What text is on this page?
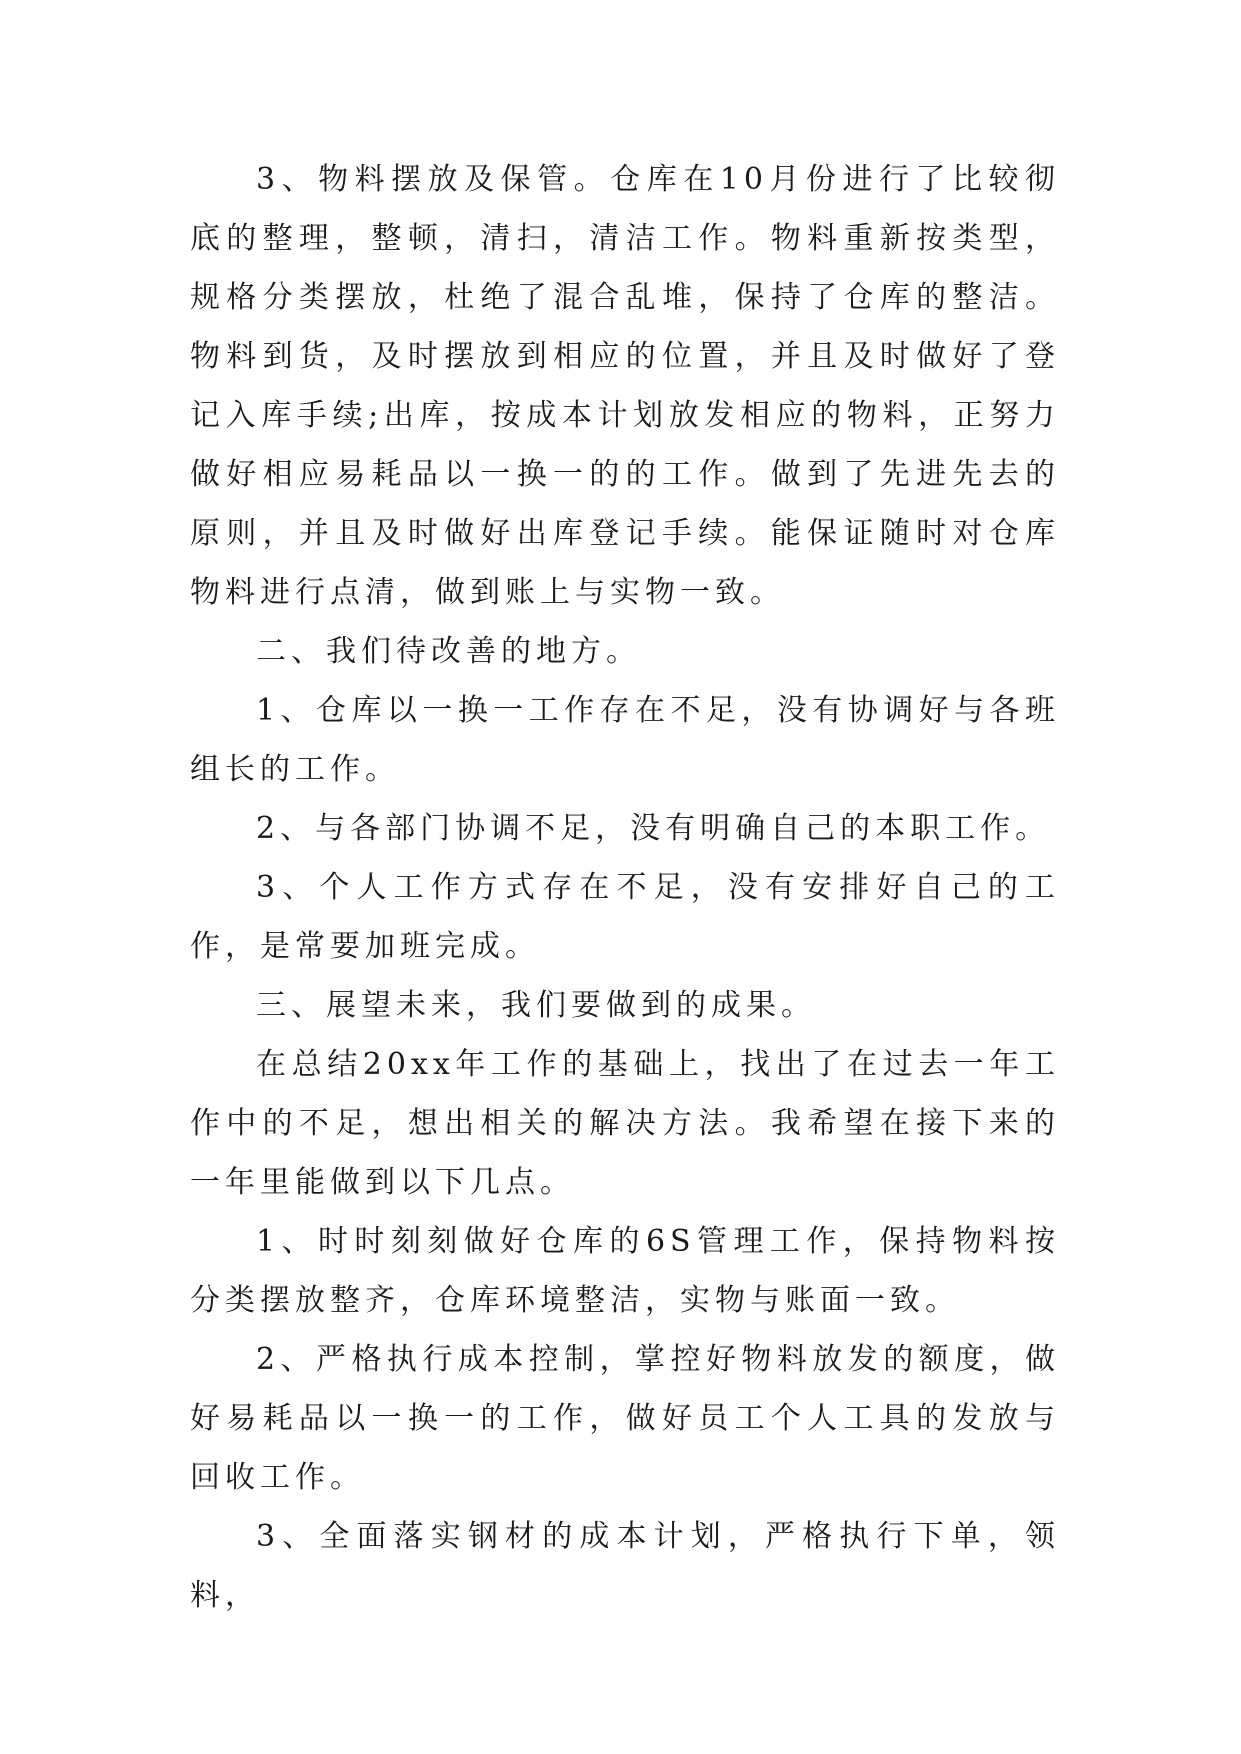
3、物料摆放及保管。仓库在10月份进行了比较彻底的整理，整顿，清扫，清洁工作。物料重新按类型，规格分类摆放，杜绝了混合乱堆，保持了仓库的整洁。物料到货，及时摆放到相应的位置，并且及时做好了登记入库手续;出库，按成本计划放发相应的物料，正努力做好相应易耗品以一换一的的工作。做到了先进先去的原则，并且及时做好出库登记手续。能保证随时对仓库物料进行点清，做到账上与实物一致。

二、我们待改善的地方。

1、仓库以一换一工作存在不足，没有协调好与各班组长的工作。

2、与各部门协调不足，没有明确自己的本职工作。

3、个人工作方式存在不足，没有安排好自己的工作，是常要加班完成。

三、展望未来，我们要做到的成果。

在总结20xx年工作的基础上，找出了在过去一年工作中的不足，想出相关的解决方法。我希望在接下来的一年里能做到以下几点。

1、时时刻刻做好仓库的6S管理工作，保持物料按分类摆放整齐，仓库环境整洁，实物与账面一致。

2、严格执行成本控制，掌控好物料放发的额度，做好易耗品以一换一的工作，做好员工个人工具的发放与回收工作。

3、全面落实钢材的成本计划，严格执行下单，领料，
